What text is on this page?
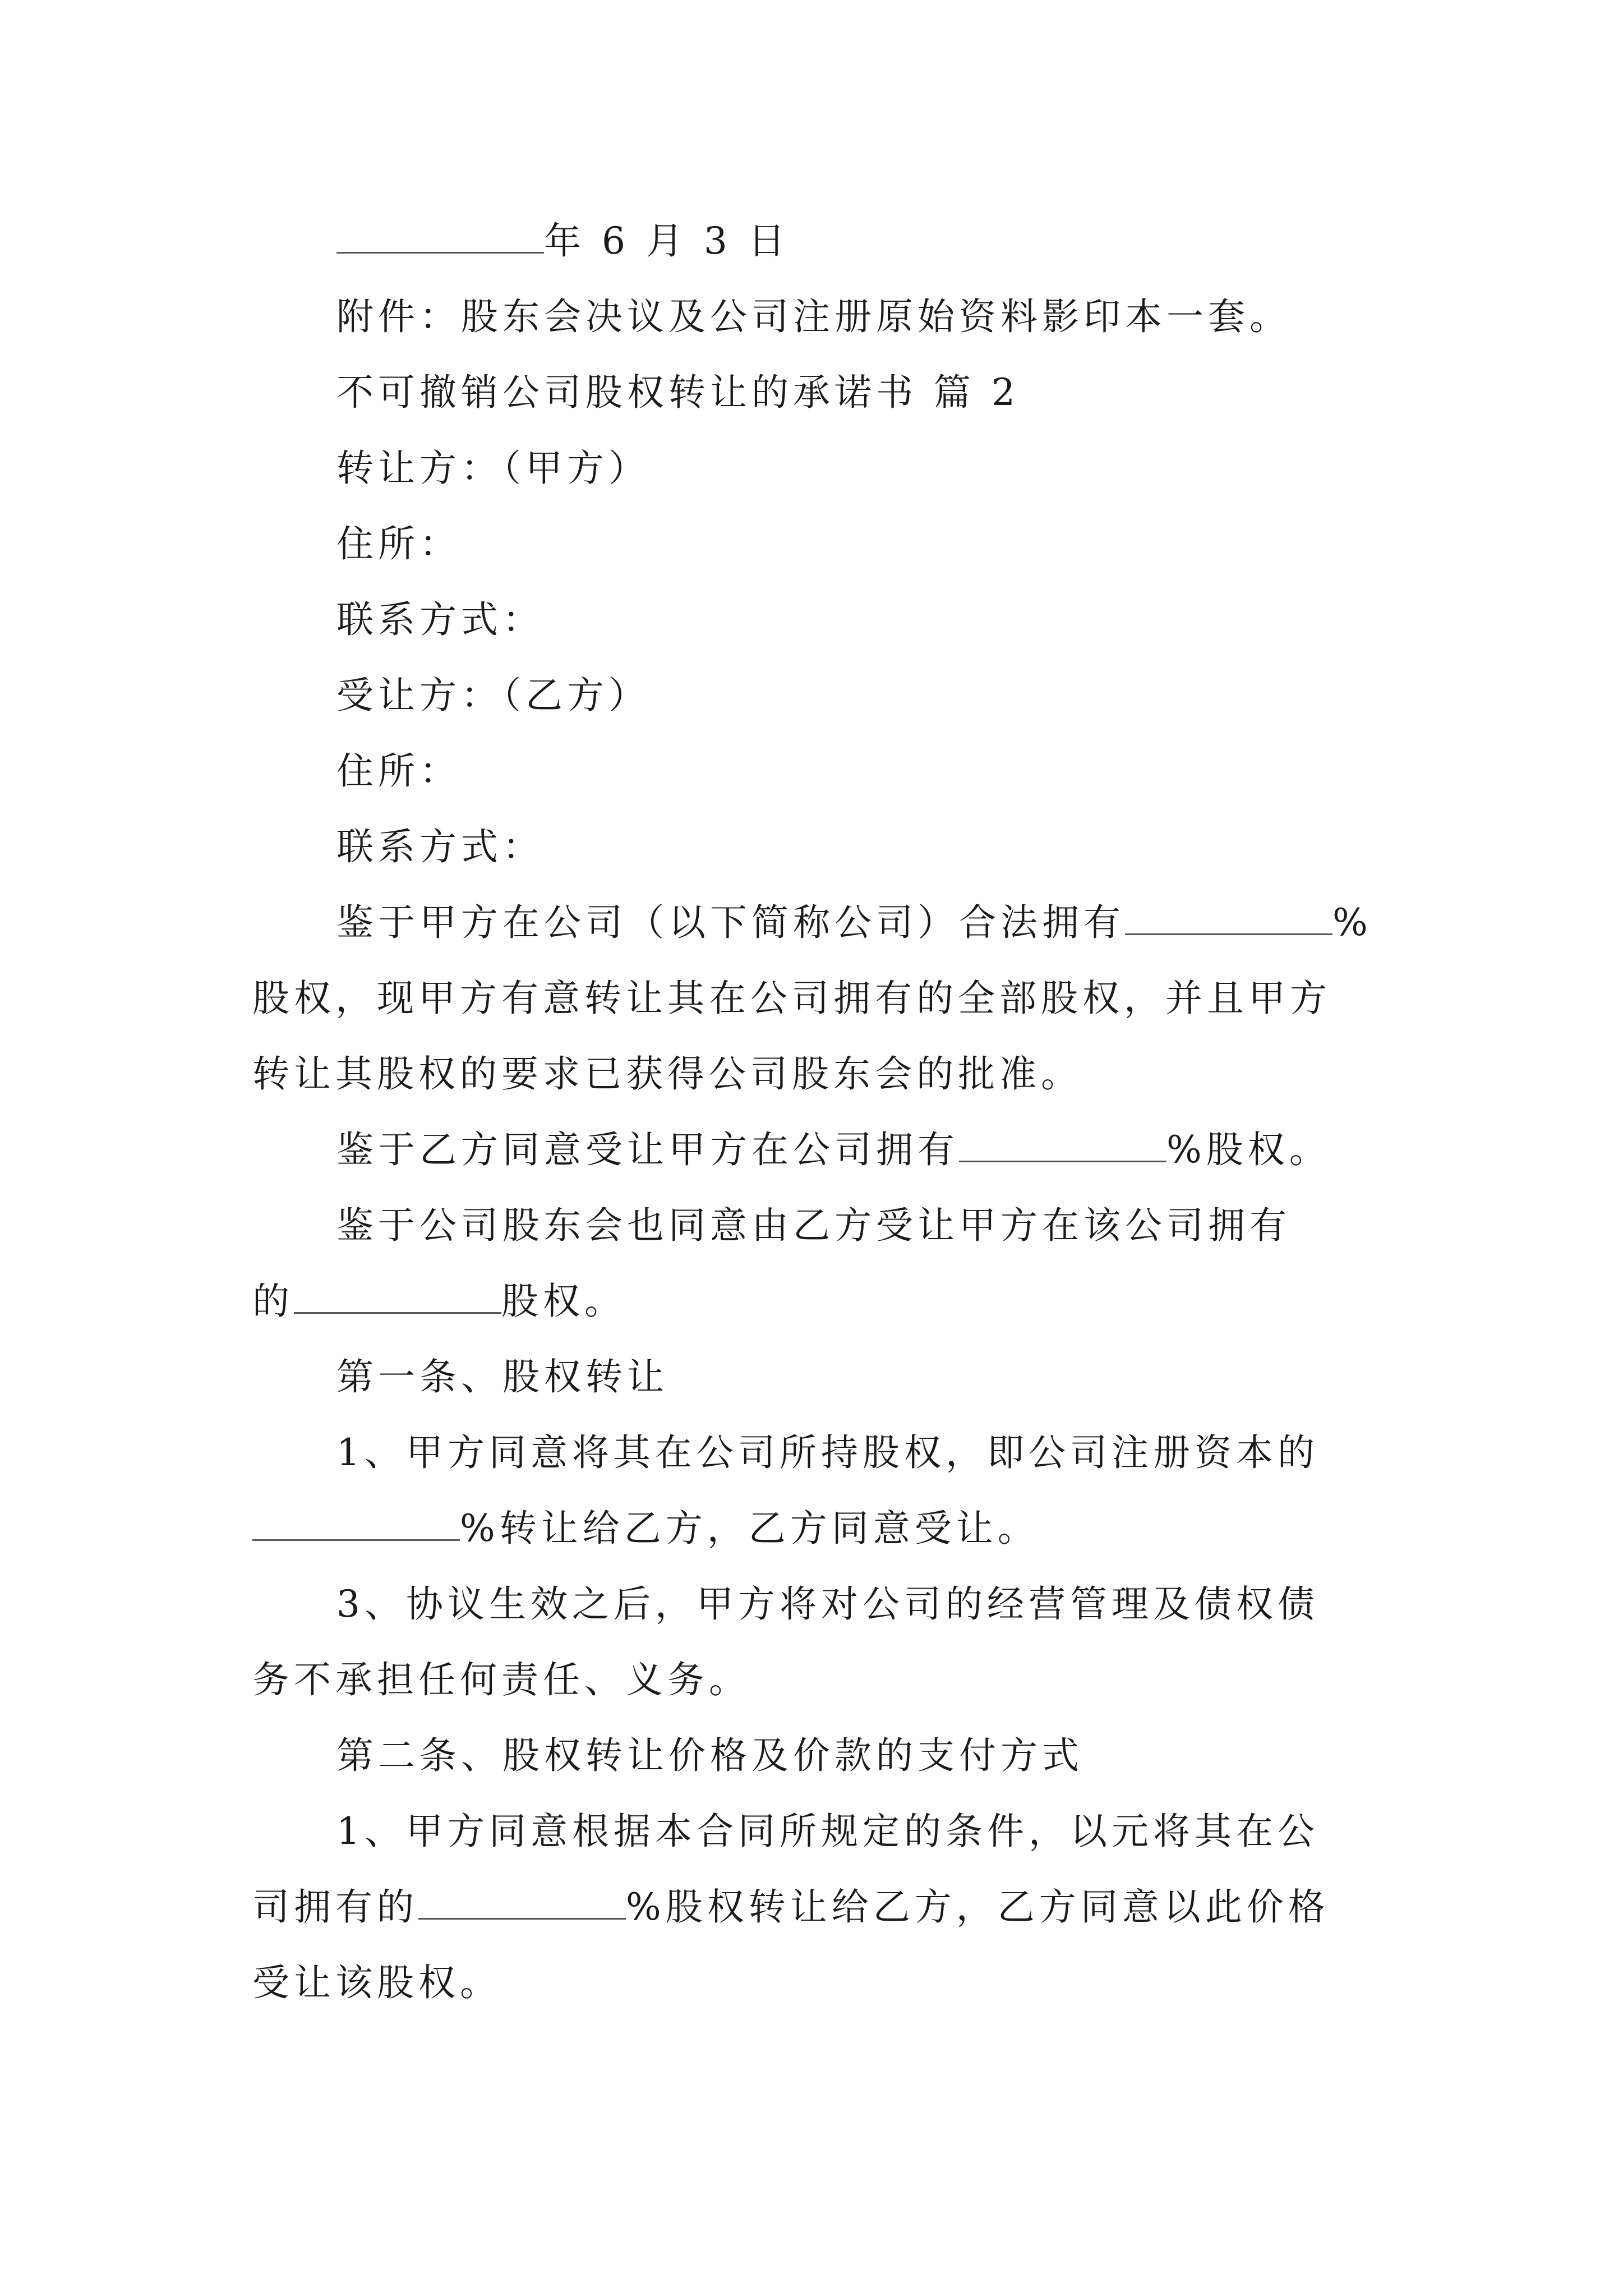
年 6 月 3 日
附件：股东会决议及公司注册原始资料影印本一套。
不可撤销公司股权转让的承诺书 篇 2
转让方：（甲方）
住所：
联系方式：
受让方：（乙方）
住所：
联系方式：
鉴于甲方在公司（以下简称公司）合法拥有	%
股权，现甲方有意转让其在公司拥有的全部股权，并且甲方
转让其股权的要求已获得公司股东会的批准。
鉴于乙方同意受让甲方在公司拥有	%股权。
鉴于公司股东会也同意由乙方受让甲方在该公司拥有
的	股权。
第一条、股权转让
1、甲方同意将其在公司所持股权，即公司注册资本的
%转让给乙方，乙方同意受让。
3、协议生效之后，甲方将对公司的经营管理及债权债
务不承担任何责任、义务。
第二条、股权转让价格及价款的支付方式
1、甲方同意根据本合同所规定的条件，以元将其在公
司拥有的	%股权转让给乙方，乙方同意以此价格
受让该股权。
